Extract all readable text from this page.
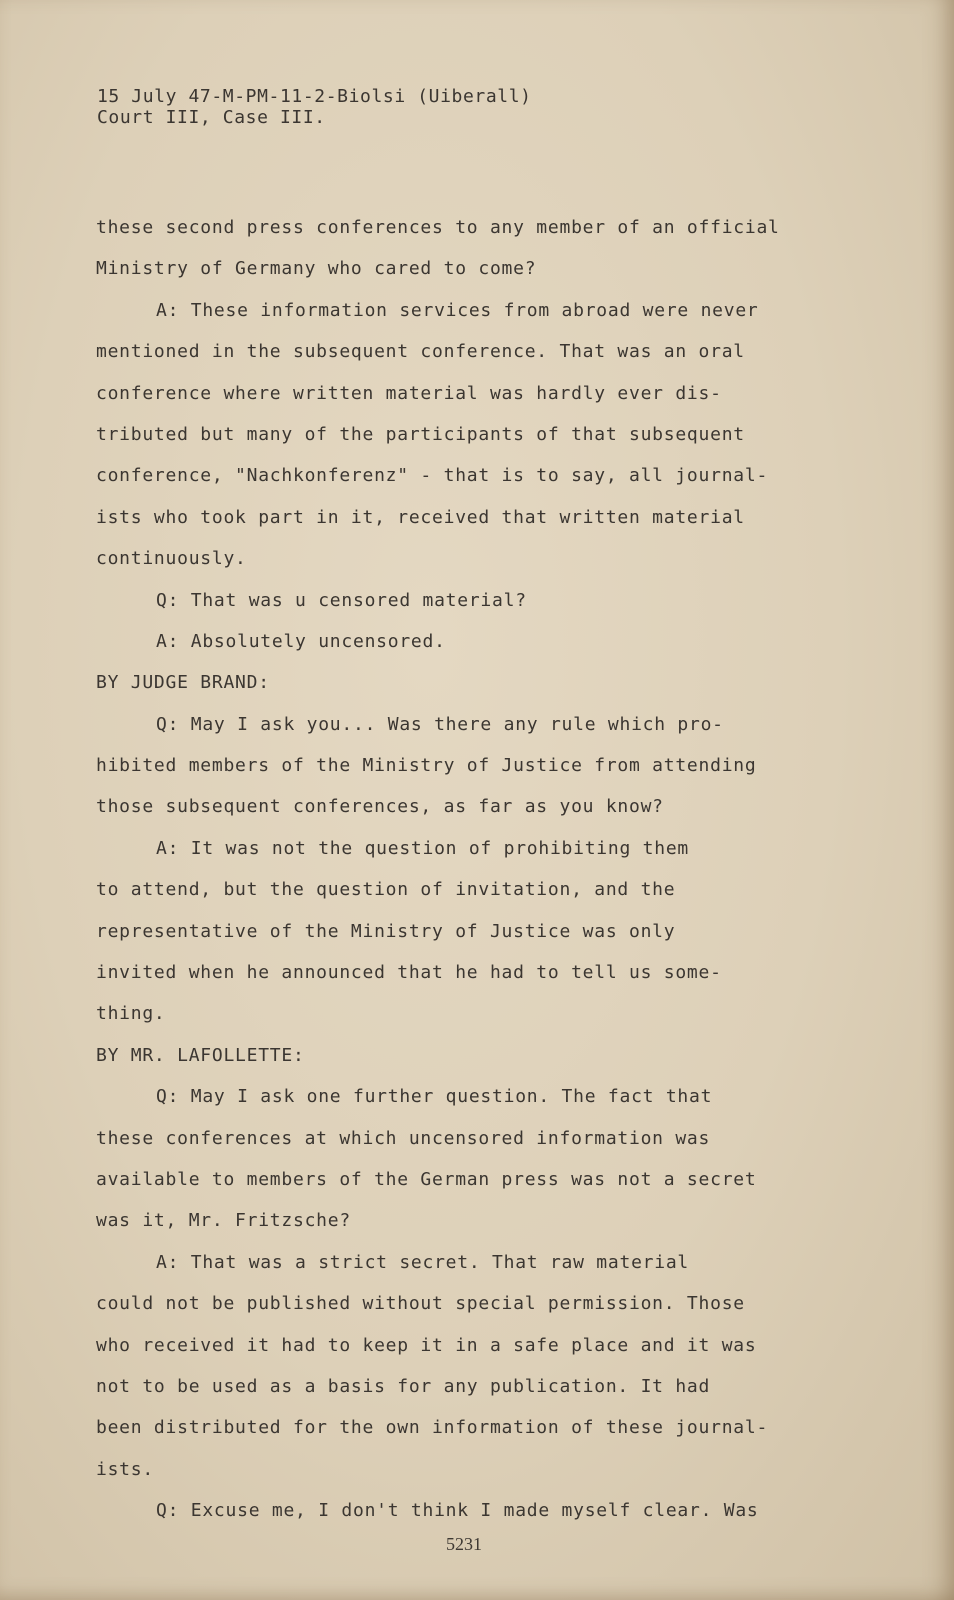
15 July 47-M-PM-11-2-Biolsi (Uiberall)
Court III, Case III.
these second press conferences to any member of an official
Ministry of Germany who cared to come?
A: These information services from abroad were never
mentioned in the subsequent conference. That was an oral
conference where written material was hardly ever dis-
tributed but many of the participants of that subsequent
conference, "Nachkonferenz" - that is to say, all journal-
ists who took part in it, received that written material
continuously.
Q: That was u censored material?
A: Absolutely uncensored.
BY JUDGE BRAND:
Q: May I ask you... Was there any rule which pro-
hibited members of the Ministry of Justice from attending
those subsequent conferences, as far as you know?
A: It was not the question of prohibiting them
to attend, but the question of invitation, and the
representative of the Ministry of Justice was only
invited when he announced that he had to tell us some-
thing.
BY MR. LAFOLLETTE:
Q: May I ask one further question. The fact that
these conferences at which uncensored information was
available to members of the German press was not a secret
was it, Mr. Fritzsche?
A: That was a strict secret. That raw material
could not be published without special permission. Those
who received it had to keep it in a safe place and it was
not to be used as a basis for any publication. It had
been distributed for the own information of these journal-
ists.
Q: Excuse me, I don't think I made myself clear. Was
5231
